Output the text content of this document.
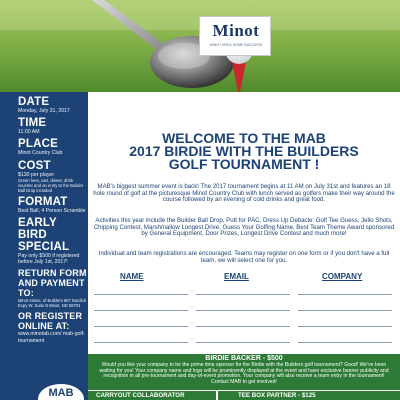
Minot
MINOT AREA HOME BUILDERS
DATE
Monday, July 31, 2017
TIME
11:00 AM
PLACE
Minot Country Club
COST
$130 per player
Green fees, cart, dinner, drink voucher and an entry to the Builder Ball Drop included
FORMAT
Best Ball, 4 Person Scramble
EARLY BIRD SPECIAL
Pay only $500 if registered before July 1st, 2017!
RETURN FORM AND PAYMENT TO:
Minot Assoc. of Builders 607 Burdick Expy W. Suite B Minot, ND 58701
OR REGISTER ONLINE AT:
www.minotab.com/ mab-golf-tournament
MAB
WELCOME TO THE MAB
2017 BIRDIE WITH THE BUILDERS
GOLF TOURNAMENT !
MAB's biggest summer event is back! The 2017 tournament begins at 11 AM on July 31st and features an 18 hole round of golf at the picturesque Minot Country Club with lunch served as golfers make their way around the course followed by an evening of cold drinks and great food.
Activities this year include the Builder Ball Drop, Putt for PAC, Dress Up Debacle: Golf Tee Guess, Jello Shots, Chipping Contest, Marshmallow Longest Drive, Guess Your Golfing Name, Best Team Theme Award sponsored by General Equipment, Door Prizes, Longest Drive Contest and much more!
Individual and team registrations are encouraged. Teams may register on one form or if you don't have a full team, we will select one for you.
NAME	EMAIL	COMPANY
BIRDIE BACKER - $500
Would you like your company to be the prime time sponsor for the Birdie with the Builders golf tournament? Good! We've been waiting for you! Your company name and logo will be prominently displayed at the event and have exclusive banner publicity and recognition in all pre-tournament and day-of-event promotion. Your company will also receive a team entry in the tournament! Contact MAB to get involved!
CARRYOUT COLLABORATOR	TEE BOX PARTNER - $125
